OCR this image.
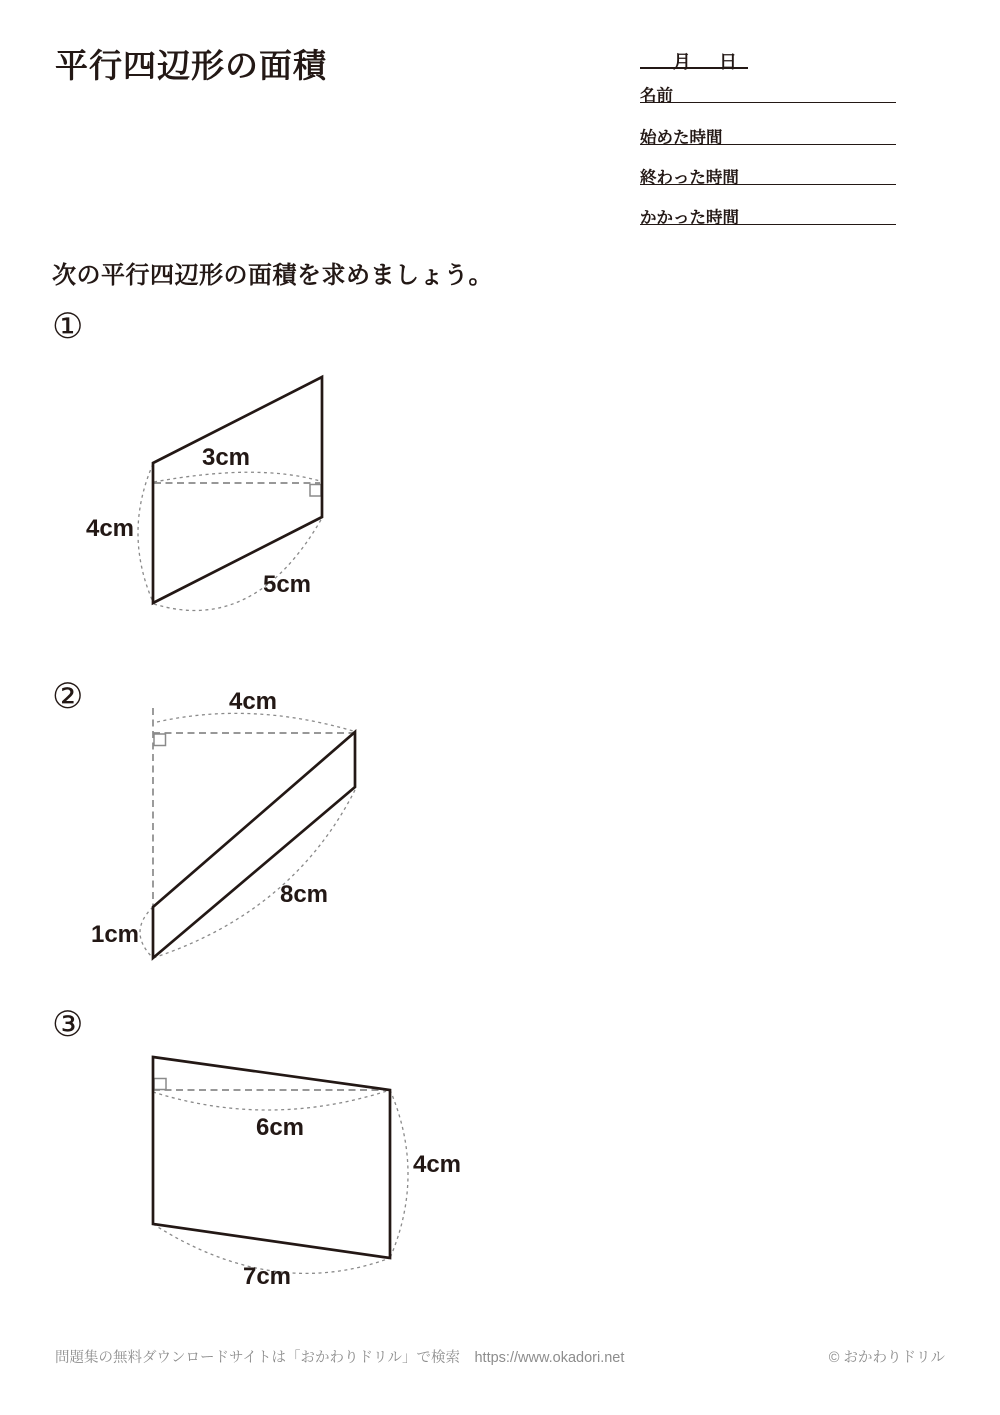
平行四辺形の面積	月 日
名前
始めた時間
終わった時間
かかった時間

次の平行四辺形の面積を求めましょう。

①
3cm
4cm
5cm
②	4cm
8cm
1cm
③
6cm
4cm
7cm
問題集の無料ダウンロードサイトは「おかわりドリル」で検索　https://www.okadori.net	© おかわりドリル
